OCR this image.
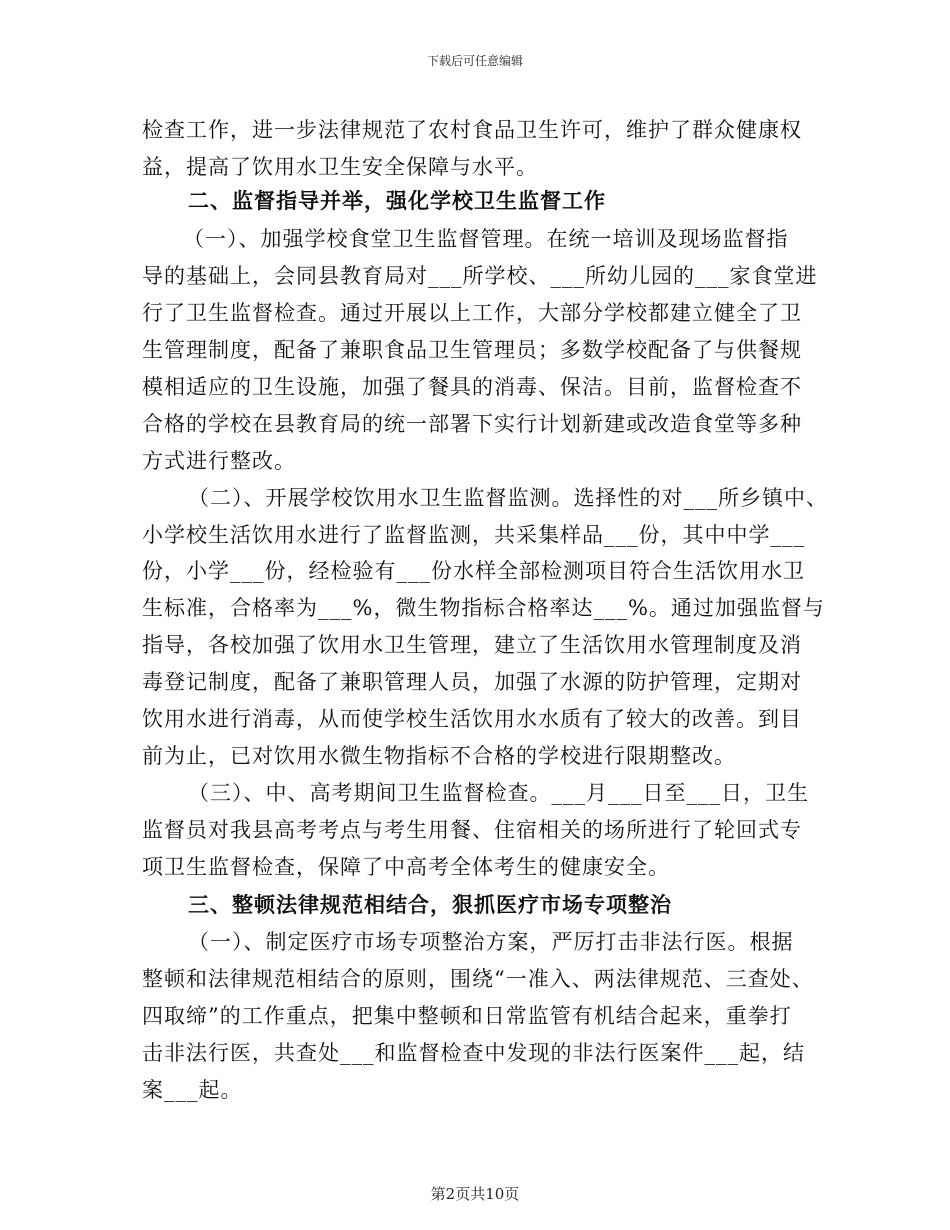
下载后可任意编辑
检查工作，进一步法律规范了农村食品卫生许可，维护了群众健康权
益，提高了饮用水卫生安全保障与水平。
二、监督指导并举，强化学校卫生监督工作
（一）、加强学校食堂卫生监督管理。在统一培训及现场监督指
导的基础上，会同县教育局对___所学校、___所幼儿园的___家食堂进
行了卫生监督检查。通过开展以上工作，大部分学校都建立健全了卫
生管理制度，配备了兼职食品卫生管理员；多数学校配备了与供餐规
模相适应的卫生设施，加强了餐具的消毒、保洁。目前，监督检查不
合格的学校在县教育局的统一部署下实行计划新建或改造食堂等多种
方式进行整改。
（二）、开展学校饮用水卫生监督监测。选择性的对___所乡镇中、
小学校生活饮用水进行了监督监测，共采集样品___份，其中中学___
份，小学___份，经检验有___份水样全部检测项目符合生活饮用水卫
生标准，合格率为___%，微生物指标合格率达___%。通过加强监督与
指导，各校加强了饮用水卫生管理，建立了生活饮用水管理制度及消
毒登记制度，配备了兼职管理人员，加强了水源的防护管理，定期对
饮用水进行消毒，从而使学校生活饮用水水质有了较大的改善。到目
前为止，已对饮用水微生物指标不合格的学校进行限期整改。
（三）、中、高考期间卫生监督检查。___月___日至___日，卫生
监督员对我县高考考点与考生用餐、住宿相关的场所进行了轮回式专
项卫生监督检查，保障了中高考全体考生的健康安全。
三、整顿法律规范相结合，狠抓医疗市场专项整治
（一）、制定医疗市场专项整治方案，严厉打击非法行医。根据
整顿和法律规范相结合的原则，围绕“一准入、两法律规范、三查处、
四取缔”的工作重点，把集中整顿和日常监管有机结合起来，重拳打
击非法行医，共查处___和监督检查中发现的非法行医案件___起，结
案___起。
第2页共10页
